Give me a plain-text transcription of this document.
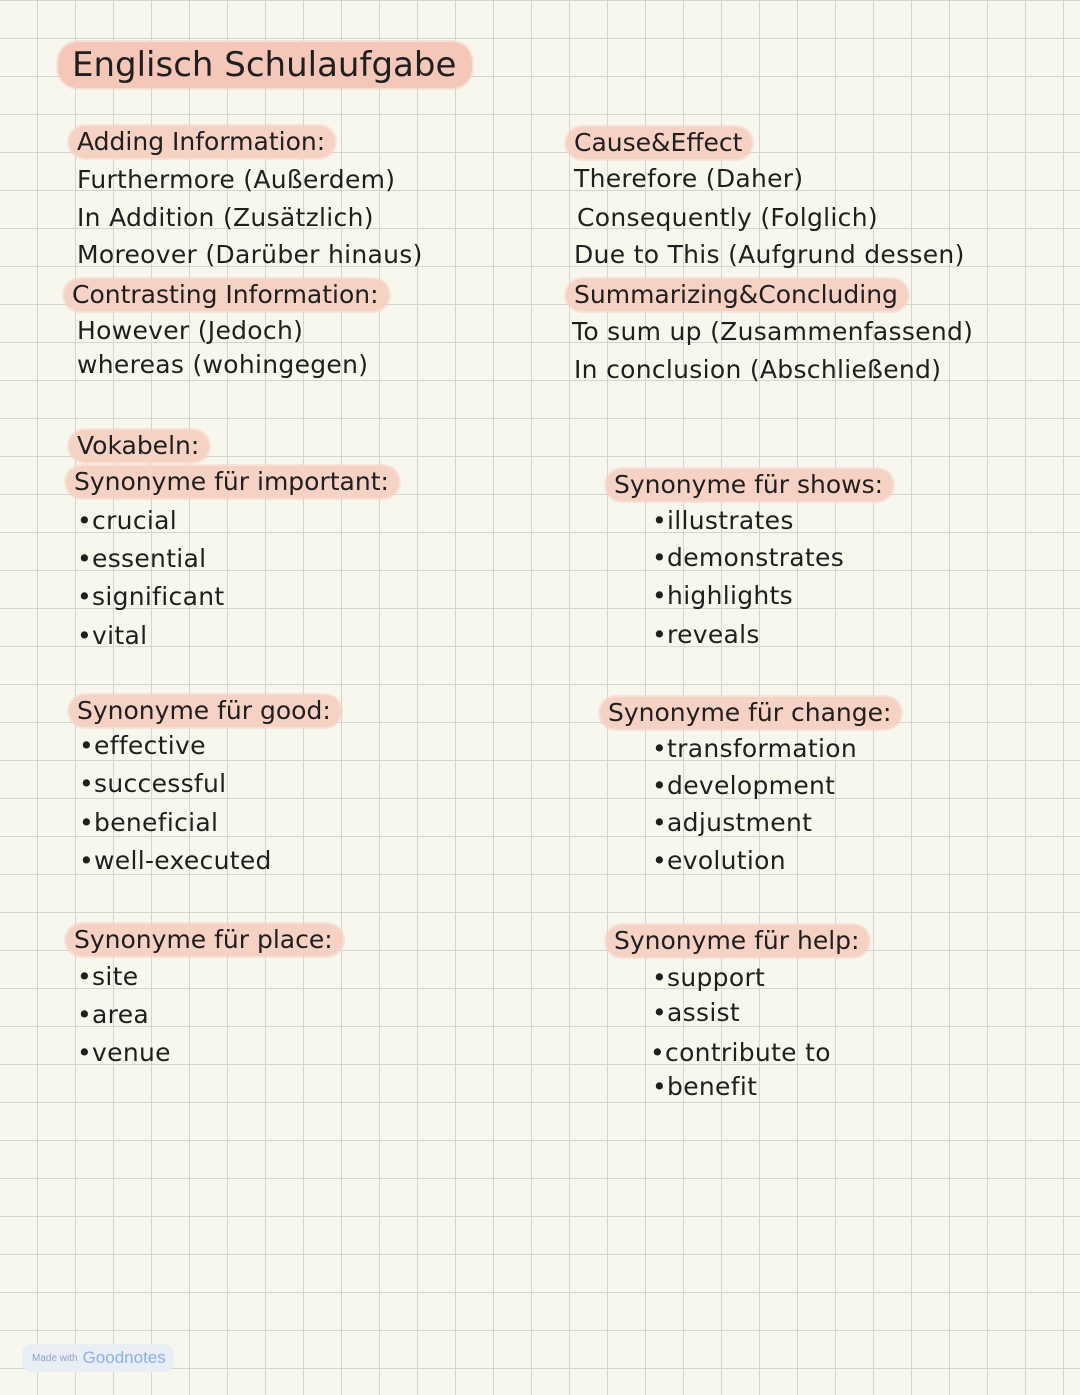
Englisch Schulaufgabe
Adding Information:
Furthermore (Außerdem)
In Addition (Zusätzlich)
Moreover (Darüber hinaus)
Contrasting Information:
However (Jedoch)
whereas (wohingegen)
Cause&Effect
Therefore (Daher)
Consequently (Folglich)
Due to This (Aufgrund dessen)
Summarizing&Concluding
To sum up (Zusammenfassend)
In conclusion (Abschließend)
Vokabeln:
Synonyme für important:
•crucial
•essential
•significant
•vital
Synonyme für shows:
•illustrates
•demonstrates
•highlights
•reveals
Synonyme für good:
•effective
•successful
•beneficial
•well-executed
Synonyme für change:
•transformation
•development
•adjustment
•evolution
Synonyme für place:
•site
•area
•venue
Synonyme für help:
•support
•assist
•contribute to
•benefit
Made with Goodnotes
